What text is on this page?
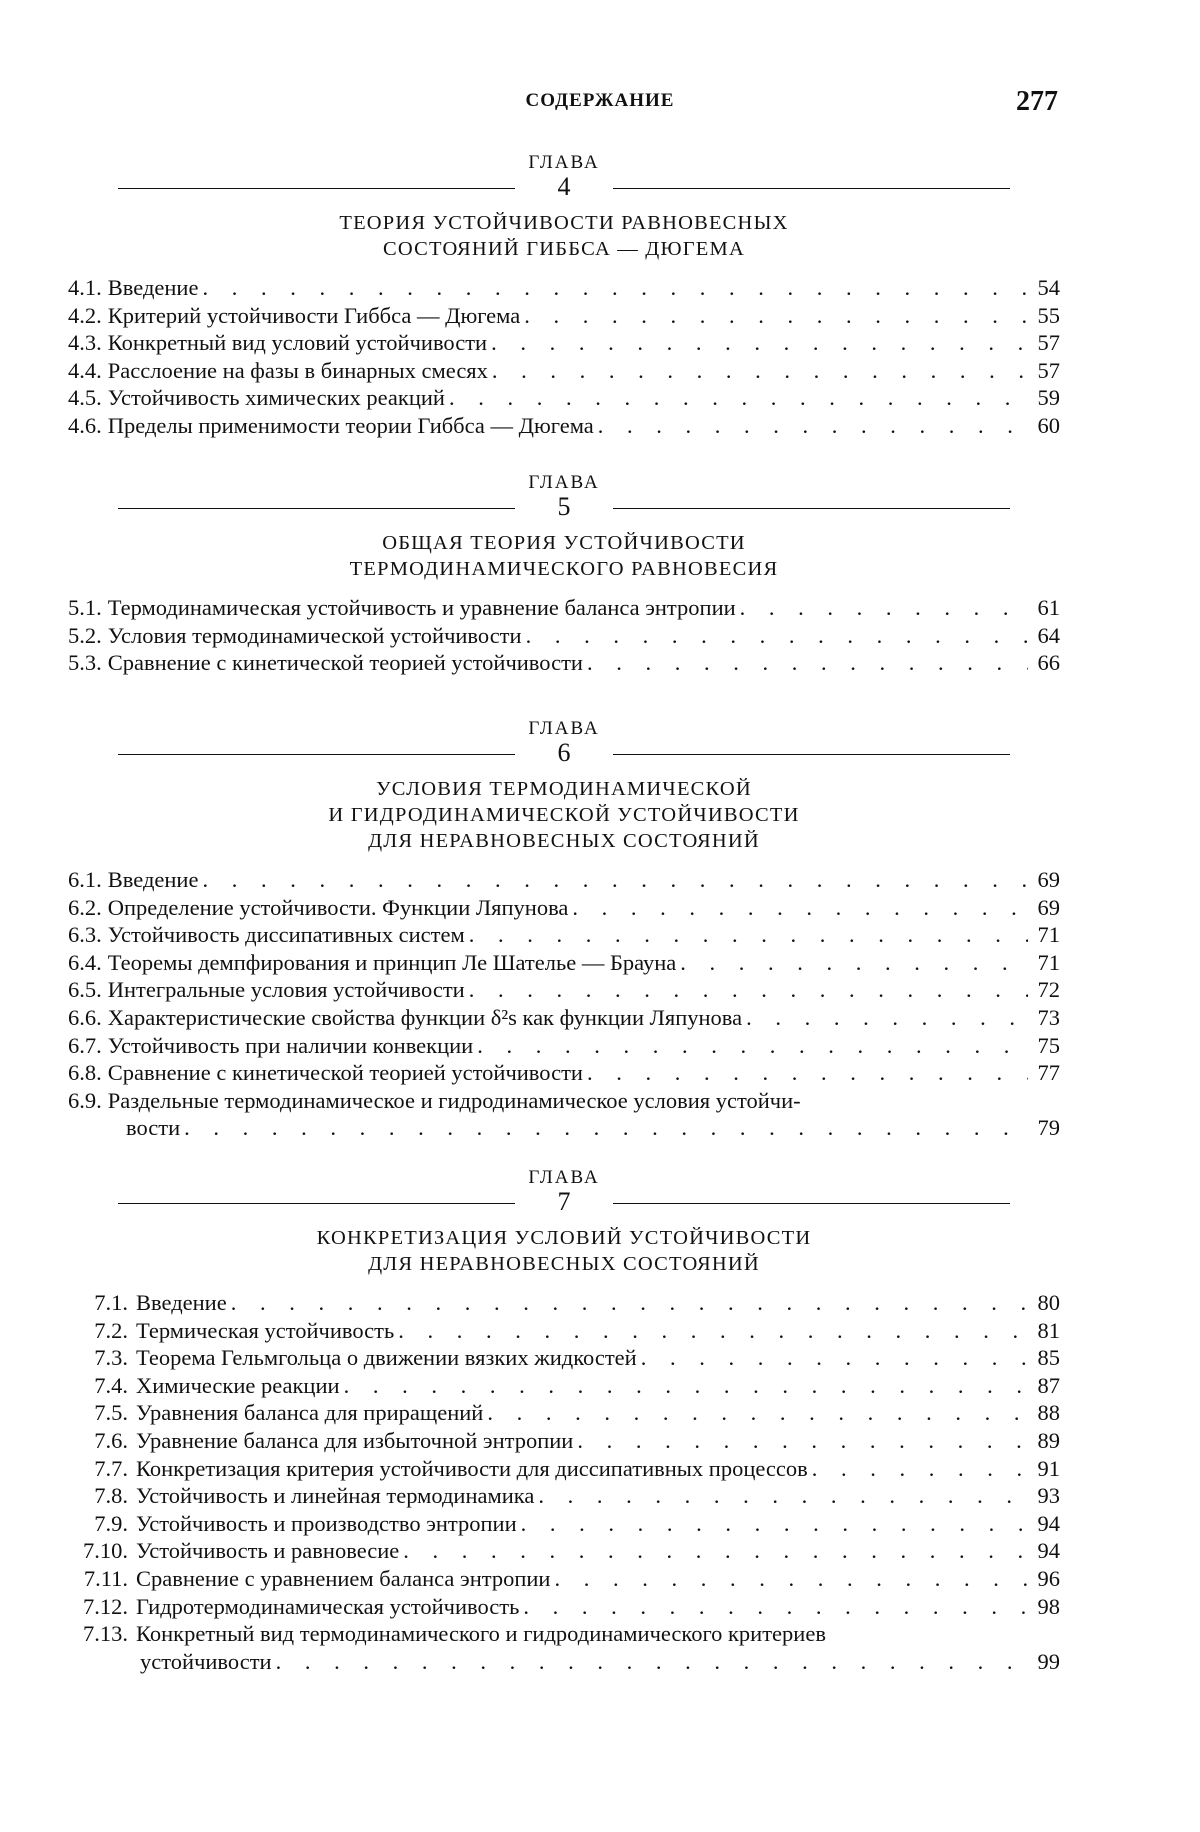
СОДЕРЖАНИЕ	277
ГЛАВА
4
ТЕОРИЯ УСТОЙЧИВОСТИ РАВНОВЕСНЫХ
СОСТОЯНИЙ ГИББСА — ДЮГЕМА
4.1. Введение . . .	54
4.2. Критерий устойчивости Гиббса — Дюгема . . .	55
4.3. Конкретный вид условий устойчивости . . .	57
4.4. Расслоение на фазы в бинарных смесях . . .	57
4.5. Устойчивость химических реакций . . .	59
4.6. Пределы применимости теории Гиббса — Дюгема . . .	60
ГЛАВА
5
ОБЩАЯ ТЕОРИЯ УСТОЙЧИВОСТИ
ТЕРМОДИНАМИЧЕСКОГО РАВНОВЕСИЯ
5.1. Термодинамическая устойчивость и уравнение баланса энтропии . . .	61
5.2. Условия термодинамической устойчивости . . .	64
5.3. Сравнение с кинетической теорией устойчивости . . .	66
ГЛАВА
6
УСЛОВИЯ ТЕРМОДИНАМИЧЕСКОЙ
И ГИДРОДИНАМИЧЕСКОЙ УСТОЙЧИВОСТИ
ДЛЯ НЕРАВНОВЕСНЫХ СОСТОЯНИЙ
6.1. Введение . . .	69
6.2. Определение устойчивости. Функции Ляпунова . . .	69
6.3. Устойчивость диссипативных систем . . .	71
6.4. Теоремы демпфирования и принцип Ле Шателье — Брауна . . .	71
6.5. Интегральные условия устойчивости . . .	72
6.6. Характеристические свойства функции δ²s как функции Ляпунова . . .	73
6.7. Устойчивость при наличии конвекции . . .	75
6.8. Сравнение с кинетической теорией устойчивости . . .	77
6.9. Раздельные термодинамическое и гидродинамическое условия устойчи-
вости . . .	79
ГЛАВА
7
КОНКРЕТИЗАЦИЯ УСЛОВИЙ УСТОЙЧИВОСТИ
ДЛЯ НЕРАВНОВЕСНЫХ СОСТОЯНИЙ
7.1. Введение . . .	80
7.2. Термическая устойчивость . . .	81
7.3. Теорема Гельмгольца о движении вязких жидкостей . . .	85
7.4. Химические реакции . . .	87
7.5. Уравнения баланса для приращений . . .	88
7.6. Уравнение баланса для избыточной энтропии . . .	89
7.7. Конкретизация критерия устойчивости для диссипативных процессов . . .	91
7.8. Устойчивость и линейная термодинамика . . .	93
7.9. Устойчивость и производство энтропии . . .	94
7.10. Устойчивость и равновесие . . .	94
7.11. Сравнение с уравнением баланса энтропии . . .	96
7.12. Гидротермодинамическая устойчивость . . .	98
7.13. Конкретный вид термодинамического и гидродинамического критериев
устойчивости . . .	99
